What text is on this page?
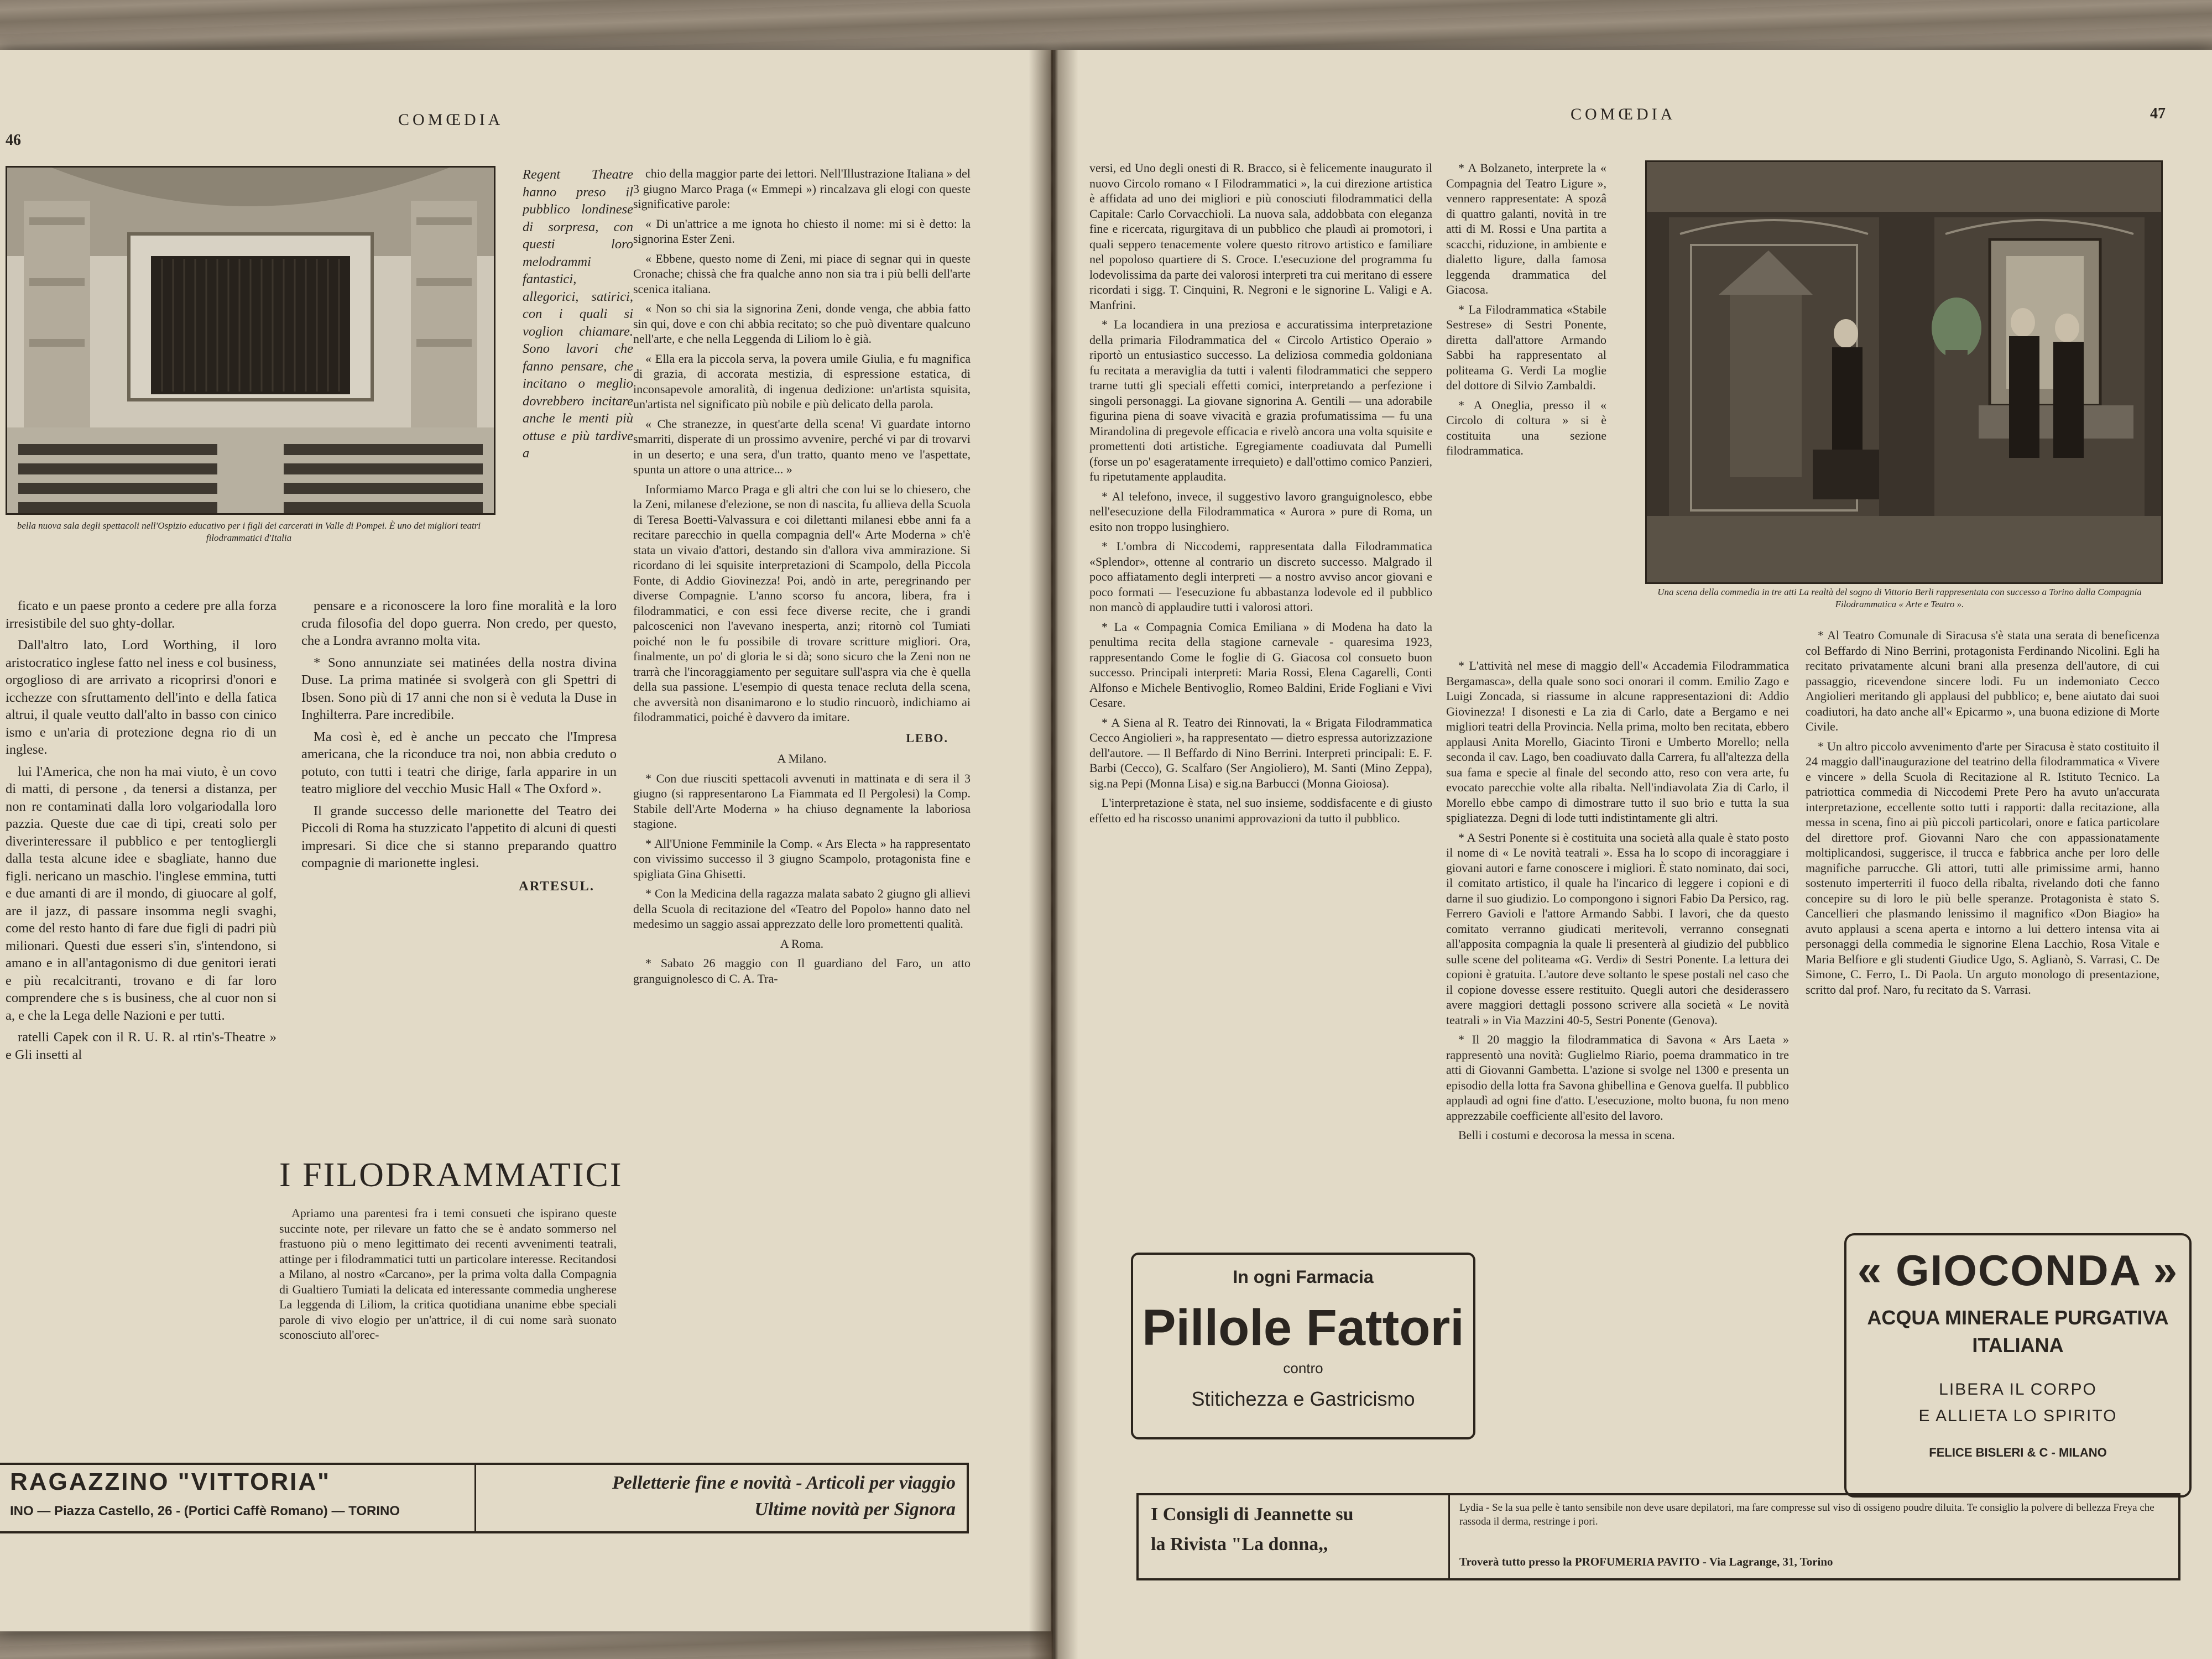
COMŒDIA
46
bella nuova sala degli spettacoli nell'Ospizio educativo per i figli dei carcerati in Valle di Pompei. È uno dei migliori teatri filodrammatici d'Italia

Regent Theatre hanno preso il pubblico londinese di sorpresa, con questi loro melodrammi fantastici, allegorici, satirici, con i quali si voglion chiamare. Sono lavori che fanno pensare, che incitano o meglio dovrebbero incitare anche le menti più ottuse e più tardive a

ficato e un paese pronto a cedere pre alla forza irresistibile del suo ghty-dollar.

Dall'altro lato, Lord Worthing, il loro aristocratico inglese fatto nel iness e col business, orgoglioso di are arrivato a ricoprirsi d'onori e icchezze con sfruttamento dell'into e della fatica altrui, il quale veutto dall'alto in basso con cinico ismo e un'aria di protezione degna rio di un inglese.

lui l'America, che non ha mai viuto, è un covo di matti, di persone , da tenersi a distanza, per non re contaminati dalla loro volgariodalla loro pazzia. Queste due cae di tipi, creati solo per diverinteressare il pubblico e per tentogliergli dalla testa alcune idee e sbagliate, hanno due figli. nericano un maschio. l'inglese emmina, tutti e due amanti di are il mondo, di giuocare al golf, are il jazz, di passare insomma negli svaghi, come del resto hanto di fare due figli di padri più milionari. Questi due esseri s'in, s'intendono, si amano e in all'antagonismo di due genitori ierati e più recalcitranti, trovano e di far loro comprendere che s is business, che al cuor non si a, e che la Lega delle Nazioni e per tutti.

ratelli Capek con il R. U. R. al rtin's-Theatre » e Gli insetti al

pensare e a riconoscere la loro fine moralità e la loro cruda filosofia del dopo guerra. Non credo, per questo, che a Londra avranno molta vita.

* Sono annunziate sei matinées della nostra divina Duse. La prima matinée si svolgerà con gli Spettri di Ibsen. Sono più di 17 anni che non si è veduta la Duse in Inghilterra. Pare incredibile.

Ma così è, ed è anche un peccato che l'Impresa americana, che la riconduce tra noi, non abbia creduto o potuto, con tutti i teatri che dirige, farla apparire in un teatro migliore del vecchio Music Hall « The Oxford ».

Il grande successo delle marionette del Teatro dei Piccoli di Roma ha stuzzicato l'appetito di alcuni di questi impresari. Si dice che si stanno preparando quattro compagnie di marionette inglesi.

ARTESUL.

I FILODRAMMATICI

Apriamo una parentesi fra i temi consueti che ispirano queste succinte note, per rilevare un fatto che se è andato sommerso nel frastuono più o meno legittimato dei recenti avvenimenti teatrali, attinge per i filodrammatici tutti un particolare interesse. Recitandosi a Milano, al nostro «Carcano», per la prima volta dalla Compagnia di Gualtiero Tumiati la delicata ed interessante commedia ungherese La leggenda di Liliom, la critica quotidiana unanime ebbe speciali parole di vivo elogio per un'attrice, il di cui nome sarà suonato sconosciuto all'orec-

chio della maggior parte dei lettori. Nell'Illustrazione Italiana » del 3 giugno Marco Praga (« Emmepi ») rincalzava gli elogi con queste significative parole:

« Di un'attrice a me ignota ho chiesto il nome: mi si è detto: la signorina Ester Zeni.

« Ebbene, questo nome di Zeni, mi piace di segnar qui in queste Cronache; chissà che fra qualche anno non sia tra i più belli dell'arte scenica italiana.

« Non so chi sia la signorina Zeni, donde venga, che abbia fatto sin qui, dove e con chi abbia recitato; so che può diventare qualcuno nell'arte, e che nella Leggenda di Liliom lo è già.

« Ella era la piccola serva, la povera umile Giulia, e fu magnifica di grazia, di accorata mestizia, di espressione estatica, di inconsapevole amoralità, di ingenua dedizione: un'artista squisita, un'artista nel significato più nobile e più delicato della parola.

« Che stranezze, in quest'arte della scena! Vi guardate intorno smarriti, disperate di un prossimo avvenire, perché vi par di trovarvi in un deserto; e una sera, d'un tratto, quanto meno ve l'aspettate, spunta un attore o una attrice... »

Informiamo Marco Praga e gli altri che con lui se lo chiesero, che la Zeni, milanese d'elezione, se non di nascita, fu allieva della Scuola di Teresa Boetti-Valvassura e coi dilettanti milanesi ebbe anni fa a recitare parecchio in quella compagnia dell'« Arte Moderna » ch'è stata un vivaio d'attori, destando sin d'allora viva ammirazione. Si ricordano di lei squisite interpretazioni di Scampolo, della Piccola Fonte, di Addio Giovinezza! Poi, andò in arte, peregrinando per diverse Compagnie. L'anno scorso fu ancora, libera, fra i filodrammatici, e con essi fece diverse recite, che i grandi palcoscenici non l'avevano inesperta, anzi; ritornò col Tumiati poiché non le fu possibile di trovare scritture migliori. Ora, finalmente, un po' di gloria le si dà; sono sicuro che la Zeni non ne trarrà che l'incoraggiamento per seguitare sull'aspra via che è quella della sua passione. L'esempio di questa tenace recluta della scena, che avversità non disanimarono e lo studio rincuorò, indichiamo ai filodrammatici, poiché è davvero da imitare.

LEBO.

A Milano.

* Con due riusciti spettacoli avvenuti in mattinata e di sera il 3 giugno (si rappresentarono La Fiammata ed Il Pergolesi) la Comp. Stabile dell'Arte Moderna » ha chiuso degnamente la laboriosa stagione.

* All'Unione Femminile la Comp. « Ars Electa » ha rappresentato con vivissimo successo il 3 giugno Scampolo, protagonista fine e spigliata Gina Ghisetti.

* Con la Medicina della ragazza malata sabato 2 giugno gli allievi della Scuola di recitazione del «Teatro del Popolo» hanno dato nel medesimo un saggio assai apprezzato delle loro promettenti qualità.

A Roma.

* Sabato 26 maggio con Il guardiano del Faro, un atto granguignolesco di C. A. Tra-

RAGAZZINO "VITTORIA"
INO — Piazza Castello, 26 - (Portici Caffè Romano) — TORINO
Pelletterie fine e novità - Articoli per viaggio
Ultime novità per Signora
COMŒDIA	47

versi, ed Uno degli onesti di R. Bracco, si è felicemente inaugurato il nuovo Circolo romano « I Filodrammatici », la cui direzione artistica è affidata ad uno dei migliori e più conosciuti filodrammatici della Capitale: Carlo Corvacchioli. La nuova sala, addobbata con eleganza fine e ricercata, rigurgitava di un pubblico che plaudì ai promotori, i quali seppero tenacemente volere questo ritrovo artistico e familiare nel popoloso quartiere di S. Croce. L'esecuzione del programma fu lodevolissima da parte dei valorosi interpreti tra cui meritano di essere ricordati i sigg. T. Cinquini, R. Negroni e le signorine L. Valigi e A. Manfrini.

* La locandiera in una preziosa e accuratissima interpretazione della primaria Filodrammatica del « Circolo Artistico Operaio » riportò un entusiastico successo. La deliziosa commedia goldoniana fu recitata a meraviglia da tutti i valenti filodrammatici che seppero trarne tutti gli speciali effetti comici, interpretando a perfezione i singoli personaggi. La giovane signorina A. Gentili — una adorabile figurina piena di soave vivacità e grazia profumatissima — fu una Mirandolina di pregevole efficacia e rivelò ancora una volta squisite e promettenti doti artistiche. Egregiamente coadiuvata dal Pumelli (forse un po' esageratamente irrequieto) e dall'ottimo comico Panzieri, fu ripetutamente applaudita.

* Al telefono, invece, il suggestivo lavoro granguignolesco, ebbe nell'esecuzione della Filodrammatica « Aurora » pure di Roma, un esito non troppo lusinghiero.

* L'ombra di Niccodemi, rappresentata dalla Filodrammatica «Splendor», ottenne al contrario un discreto successo. Malgrado il poco affiatamento degli interpreti — a nostro avviso ancor giovani e poco formati — l'esecuzione fu abbastanza lodevole ed il pubblico non mancò di applaudire tutti i valorosi attori.

* La « Compagnia Comica Emiliana » di Modena ha dato la penultima recita della stagione carnevale - quaresima 1923, rappresentando Come le foglie di G. Giacosa col consueto buon successo. Principali interpreti: Maria Rossi, Elena Cagarelli, Conti Alfonso e Michele Bentivoglio, Romeo Baldini, Eride Fogliani e Vivi Cesare.

* A Siena al R. Teatro dei Rinnovati, la « Brigata Filodrammatica Cecco Angiolieri », ha rappresentato — dietro espressa autorizzazione dell'autore. — Il Beffardo di Nino Berrini. Interpreti principali: E. F. Barbi (Cecco), G. Scalfaro (Ser Angioliero), M. Santi (Mino Zeppa), sig.na Pepi (Monna Lisa) e sig.na Barbucci (Monna Gioiosa).

L'interpretazione è stata, nel suo insieme, soddisfacente e di giusto effetto ed ha riscosso unanimi approvazioni da tutto il pubblico.

* A Bolzaneto, interprete la « Compagnia del Teatro Ligure », vennero rappresentate: A spozâ di quattro galanti, novità in tre atti di M. Rossi e Una partita a scacchi, riduzione, in ambiente e dialetto ligure, dalla famosa leggenda drammatica del Giacosa.

* La Filodrammatica «Stabile Sestrese» di Sestri Ponente, diretta dall'attore Armando Sabbi ha rappresentato al politeama G. Verdi La moglie del dottore di Silvio Zambaldi.

* A Oneglia, presso il « Circolo di coltura » si è costituita una sezione filodrammatica.

Una scena della commedia in tre atti La realtà del sogno di Vittorio Berli rappresentata con successo a Torino dalla Compagnia Filodrammatica « Arte e Teatro ».

* L'attività nel mese di maggio dell'« Accademia Filodrammatica Bergamasca», della quale sono soci onorari il comm. Emilio Zago e Luigi Zoncada, si riassume in alcune rappresentazioni di: Addio Giovinezza! I disonesti e La zia di Carlo, date a Bergamo e nei migliori teatri della Provincia. Nella prima, molto ben recitata, ebbero applausi Anita Morello, Giacinto Tironi e Umberto Morello; nella seconda il cav. Lago, ben coadiuvato dalla Carrera, fu all'altezza della sua fama e specie al finale del secondo atto, reso con vera arte, fu evocato parecchie volte alla ribalta. Nell'indiavolata Zia di Carlo, il Morello ebbe campo di dimostrare tutto il suo brio e tutta la sua spigliatezza. Degni di lode tutti indistintamente gli altri.

* A Sestri Ponente si è costituita una società alla quale è stato posto il nome di « Le novità teatrali ». Essa ha lo scopo di incoraggiare i giovani autori e farne conoscere i migliori. È stato nominato, dai soci, il comitato artistico, il quale ha l'incarico di leggere i copioni e di darne il suo giudizio. Lo compongono i signori Fabio Da Persico, rag. Ferrero Gavioli e l'attore Armando Sabbi. I lavori, che da questo comitato verranno giudicati meritevoli, verranno consegnati all'apposita compagnia la quale li presenterà al giudizio del pubblico sulle scene del politeama «G. Verdi» di Sestri Ponente. La lettura dei copioni è gratuita. L'autore deve soltanto le spese postali nel caso che il copione dovesse essere restituito. Quegli autori che desiderassero avere maggiori dettagli possono scrivere alla società « Le novità teatrali » in Via Mazzini 40-5, Sestri Ponente (Genova).

* Il 20 maggio la filodrammatica di Savona « Ars Laeta » rappresentò una novità: Guglielmo Riario, poema drammatico in tre atti di Giovanni Gambetta. L'azione si svolge nel 1300 e presenta un episodio della lotta fra Savona ghibellina e Genova guelfa. Il pubblico applaudì ad ogni fine d'atto. L'esecuzione, molto buona, fu non meno apprezzabile coefficiente all'esito del lavoro.

Belli i costumi e decorosa la messa in scena.

* Al Teatro Comunale di Siracusa s'è stata una serata di beneficenza col Beffardo di Nino Berrini, protagonista Ferdinando Nicolini. Egli ha recitato privatamente alcuni brani alla presenza dell'autore, di cui passaggio, ricevendone sincere lodi. Fu un indemoniato Cecco Angiolieri meritando gli applausi del pubblico; e, bene aiutato dai suoi coadiutori, ha dato anche all'« Epicarmo », una buona edizione di Morte Civile.

* Un altro piccolo avvenimento d'arte per Siracusa è stato costituito il 24 maggio dall'inaugurazione del teatrino della filodrammatica « Vivere e vincere » della Scuola di Recitazione al R. Istituto Tecnico. La patriottica commedia di Niccodemi Prete Pero ha avuto un'accurata interpretazione, eccellente sotto tutti i rapporti: dalla recitazione, alla messa in scena, fino ai più piccoli particolari, onore e fatica particolare del direttore prof. Giovanni Naro che con appassionatamente moltiplicandosi, suggerisce, il trucca e fabbrica anche per loro delle magnifiche parrucche. Gli attori, tutti alle primissime armi, hanno sostenuto imperterriti il fuoco della ribalta, rivelando doti che fanno concepire su di loro le più belle speranze. Protagonista è stato S. Cancellieri che plasmando lenissimo il magnifico «Don Biagio» ha avuto applausi a scena aperta e intorno a lui dettero intensa vita ai personaggi della commedia le signorine Elena Lacchio, Rosa Vitale e Maria Belfiore e gli studenti Giudice Ugo, S. Aglianò, S. Varrasi, C. De Simone, C. Ferro, L. Di Paola. Un arguto monologo di presentazione, scritto dal prof. Naro, fu recitato da S. Varrasi.

In ogni Farmacia
Pillole Fattori
contro
Stitichezza e Gastricismo
« GIOCONDA »
ACQUA MINERALE PURGATIVA
ITALIANA
LIBERA IL CORPO
E ALLIETA LO SPIRITO
FELICE BISLERI & C - MILANO
I Consigli di Jeannette su
la Rivista "La donna,,
Lydia - Se la sua pelle è tanto sensibile non deve usare depilatori, ma fare compresse sul viso di ossigeno poudre diluita. Te consiglio la polvere di bellezza Freya che rassoda il derma, restringe i pori.
Troverà tutto presso la PROFUMERIA PAVITO - Via Lagrange, 31, Torino
